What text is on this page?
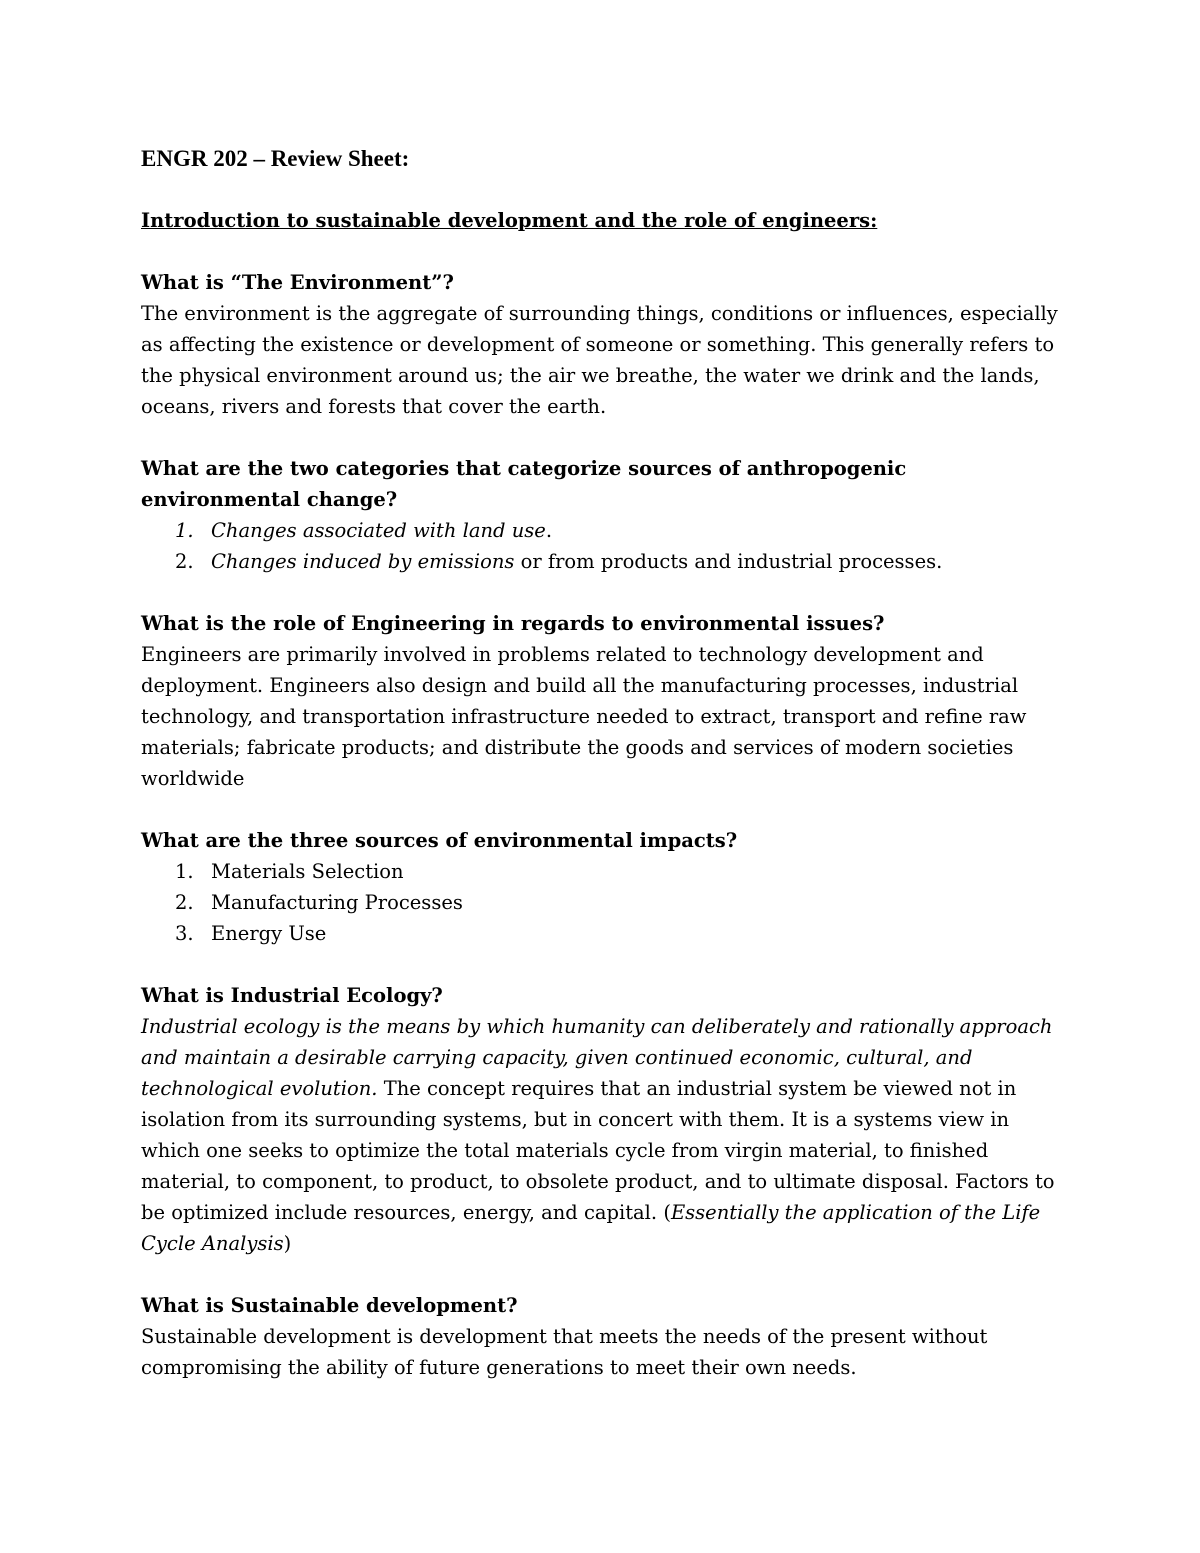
ENGR 202 – Review Sheet:
Introduction to sustainable development and the role of engineers:

What is “The Environment”?

The environment is the aggregate of surrounding things, conditions or influences, especially as affecting the existence or development of someone or something. This generally refers to the physical environment around us; the air we breathe, the water we drink and the lands, oceans, rivers and forests that cover the earth.

What are the two categories that categorize sources of anthropogenic environmental change?

1. Changes associated with land use.
2. Changes induced by emissions or from products and industrial processes.

What is the role of Engineering in regards to environmental issues?

Engineers are primarily involved in problems related to technology development and deployment. Engineers also design and build all the manufacturing processes, industrial technology, and transportation infrastructure needed to extract, transport and refine raw materials; fabricate products; and distribute the goods and services of modern societies worldwide

What are the three sources of environmental impacts?

1. Materials Selection
2. Manufacturing Processes
3. Energy Use

What is Industrial Ecology?

Industrial ecology is the means by which humanity can deliberately and rationally approach and maintain a desirable carrying capacity, given continued economic, cultural, and technological evolution. The concept requires that an industrial system be viewed not in isolation from its surrounding systems, but in concert with them. It is a systems view in which one seeks to optimize the total materials cycle from virgin material, to finished material, to component, to product, to obsolete product, and to ultimate disposal. Factors to be optimized include resources, energy, and capital. (Essentially the application of the Life Cycle Analysis)

What is Sustainable development?

Sustainable development is development that meets the needs of the present without compromising the ability of future generations to meet their own needs.
